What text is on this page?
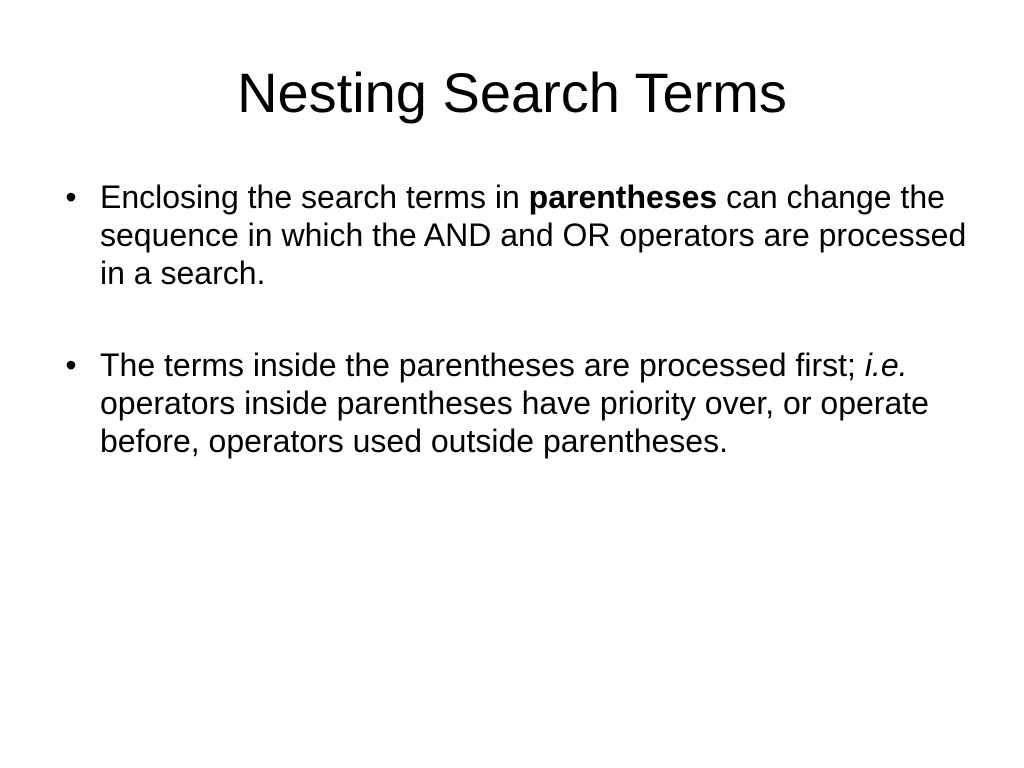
Nesting Search Terms
• Enclosing the search terms in parentheses can change the sequence in which the AND and OR operators are processed in a search.
• The terms inside the parentheses are processed first; i.e. operators inside parentheses have priority over, or operate before, operators used outside parentheses.
